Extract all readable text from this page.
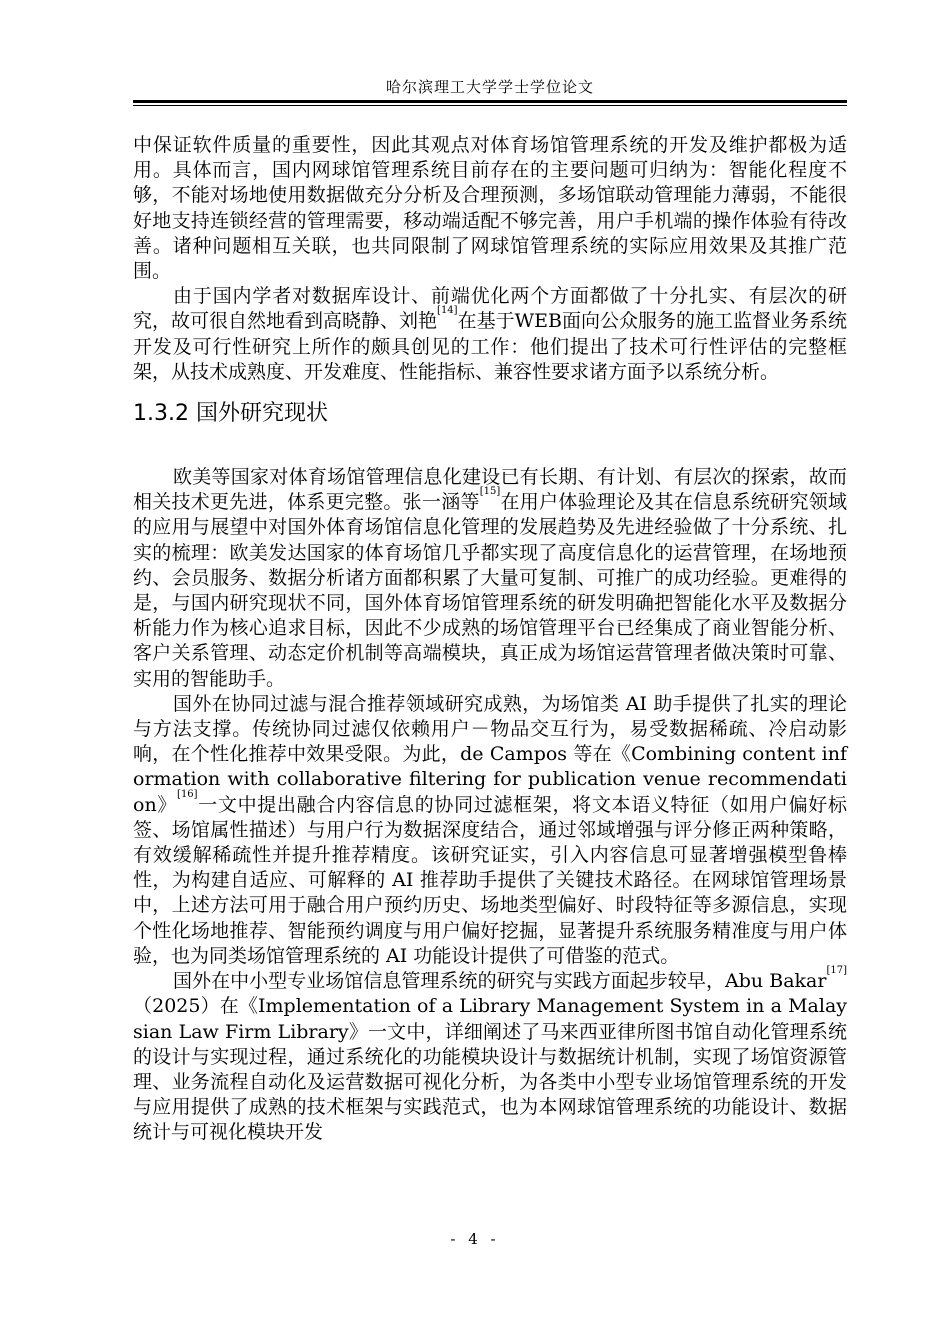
哈尔滨理工大学学士学位论文

中保证软件质量的重要性，因此其观点对体育场馆管理系统的开发及维护都极为适用。具体而言，国内网球馆管理系统目前存在的主要问题可归纳为：智能化程度不够，不能对场地使用数据做充分分析及合理预测，多场馆联动管理能力薄弱，不能很好地支持连锁经营的管理需要，移动端适配不够完善，用户手机端的操作体验有待改善。诸种问题相互关联，也共同限制了网球馆管理系统的实际应用效果及其推广范围。

由于国内学者对数据库设计、前端优化两个方面都做了十分扎实、有层次的研究，故可很自然地看到高晓静、刘艳[14]在基于WEB面向公众服务的施工监督业务系统开发及可行性研究上所作的颇具创见的工作：他们提出了技术可行性评估的完整框架，从技术成熟度、开发难度、性能指标、兼容性要求诸方面予以系统分析。

1.3.2 国外研究现状

欧美等国家对体育场馆管理信息化建设已有长期、有计划、有层次的探索，故而相关技术更先进，体系更完整。张一涵等[15]在用户体验理论及其在信息系统研究领域的应用与展望中对国外体育场馆信息化管理的发展趋势及先进经验做了十分系统、扎实的梳理：欧美发达国家的体育场馆几乎都实现了高度信息化的运营管理，在场地预约、会员服务、数据分析诸方面都积累了大量可复制、可推广的成功经验。更难得的是，与国内研究现状不同，国外体育场馆管理系统的研发明确把智能化水平及数据分析能力作为核心追求目标，因此不少成熟的场馆管理平台已经集成了商业智能分析、客户关系管理、动态定价机制等高端模块，真正成为场馆运营管理者做决策时可靠、实用的智能助手。

国外在协同过滤与混合推荐领域研究成熟，为场馆类 AI 助手提供了扎实的理论与方法支撑。传统协同过滤仅依赖用户－物品交互行为，易受数据稀疏、冷启动影响，在个性化推荐中效果受限。为此，de Campos 等在《Combining content information with collaborative filtering for publication venue recommendation》[16]一文中提出融合内容信息的协同过滤框架，将文本语义特征（如用户偏好标签、场馆属性描述）与用户行为数据深度结合，通过邻域增强与评分修正两种策略，有效缓解稀疏性并提升推荐精度。该研究证实，引入内容信息可显著增强模型鲁棒性，为构建自适应、可解释的 AI 推荐助手提供了关键技术路径。在网球馆管理场景中，上述方法可用于融合用户预约历史、场地类型偏好、时段特征等多源信息，实现个性化场地推荐、智能预约调度与用户偏好挖掘，显著提升系统服务精准度与用户体验，也为同类场馆管理系统的 AI 功能设计提供了可借鉴的范式。

国外在中小型专业场馆信息管理系统的研究与实践方面起步较早，Abu Bakar[17]（2025）在《Implementation of a Library Management System in a Malaysian Law Firm Library》一文中，详细阐述了马来西亚律所图书馆自动化管理系统的设计与实现过程，通过系统化的功能模块设计与数据统计机制，实现了场馆资源管理、业务流程自动化及运营数据可视化分析，为各类中小型专业场馆管理系统的开发与应用提供了成熟的技术框架与实践范式，也为本网球馆管理系统的功能设计、数据统计与可视化模块开发

- 4 -
